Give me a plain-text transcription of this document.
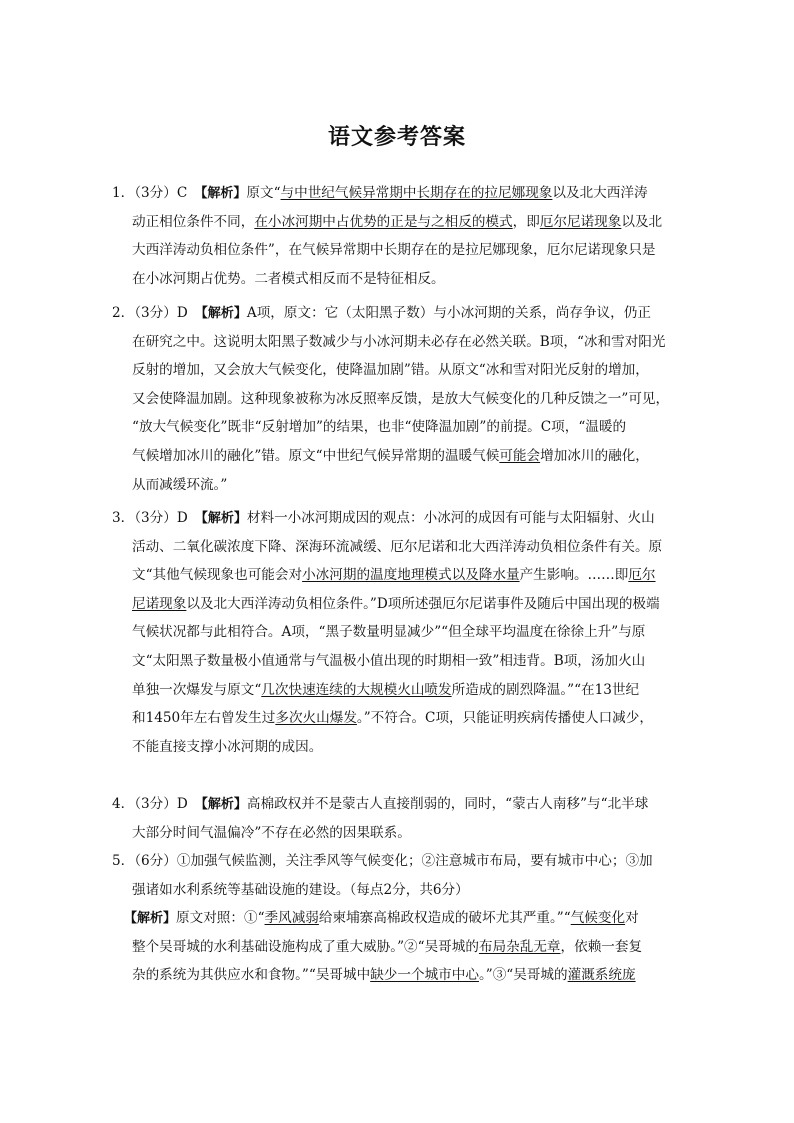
语文参考答案
1．（3分）C　【解析】原文“与中世纪气候异常期中长期存在的拉尼娜现象以及北大西洋涛
动正相位条件不同，在小冰河期中占优势的正是与之相反的模式，即厄尔尼诺现象以及北
大西洋涛动负相位条件”，在气候异常期中长期存在的是拉尼娜现象，厄尔尼诺现象只是
在小冰河期占优势。二者模式相反而不是特征相反。
2．（3分）D　【解析】A项，原文：它（太阳黑子数）与小冰河期的关系，尚存争议，仍正
在研究之中。这说明太阳黑子数减少与小冰河期未必存在必然关联。B项，“冰和雪对阳光
反射的增加，又会放大气候变化，使降温加剧”错。从原文“冰和雪对阳光反射的增加，
又会使降温加剧。这种现象被称为冰反照率反馈，是放大气候变化的几种反馈之一”可见，
“放大气候变化”既非“反射增加”的结果，也非“使降温加剧”的前提。C项，“温暖的
气候增加冰川的融化”错。原文“中世纪气候异常期的温暖气候可能会增加冰川的融化，
从而减缓环流。”
3．（3分）D　【解析】材料一小冰河期成因的观点：小冰河的成因有可能与太阳辐射、火山
活动、二氧化碳浓度下降、深海环流减缓、厄尔尼诺和北大西洋涛动负相位条件有关。原
文“其他气候现象也可能会对小冰河期的温度地理模式以及降水量产生影响。……即厄尔
尼诺现象以及北大西洋涛动负相位条件。”D项所述强厄尔尼诺事件及随后中国出现的极端
气候状况都与此相符合。A项，“黑子数量明显减少”“但全球平均温度在徐徐上升”与原
文“太阳黑子数量极小值通常与气温极小值出现的时期相一致”相违背。B项，汤加火山
单独一次爆发与原文“几次快速连续的大规模火山喷发所造成的剧烈降温。”“在13世纪
和1450年左右曾发生过多次火山爆发。”不符合。C项，只能证明疾病传播使人口减少，
不能直接支撑小冰河期的成因。
4．（3分）D　【解析】高棉政权并不是蒙古人直接削弱的，同时，“蒙古人南移”与“北半球
大部分时间气温偏冷”不存在必然的因果联系。
5．（6分）①加强气候监测，关注季风等气候变化；②注意城市布局，要有城市中心；③加
强诸如水利系统等基础设施的建设。（每点2分，共6分）
【解析】原文对照：①“季风减弱给柬埔寨高棉政权造成的破坏尤其严重。”“气候变化对
整个吴哥城的水利基础设施构成了重大威胁。”②“吴哥城的布局杂乱无章，依赖一套复
杂的系统为其供应水和食物。”“吴哥城中缺少一个城市中心。”③“吴哥城的灌溉系统庞
